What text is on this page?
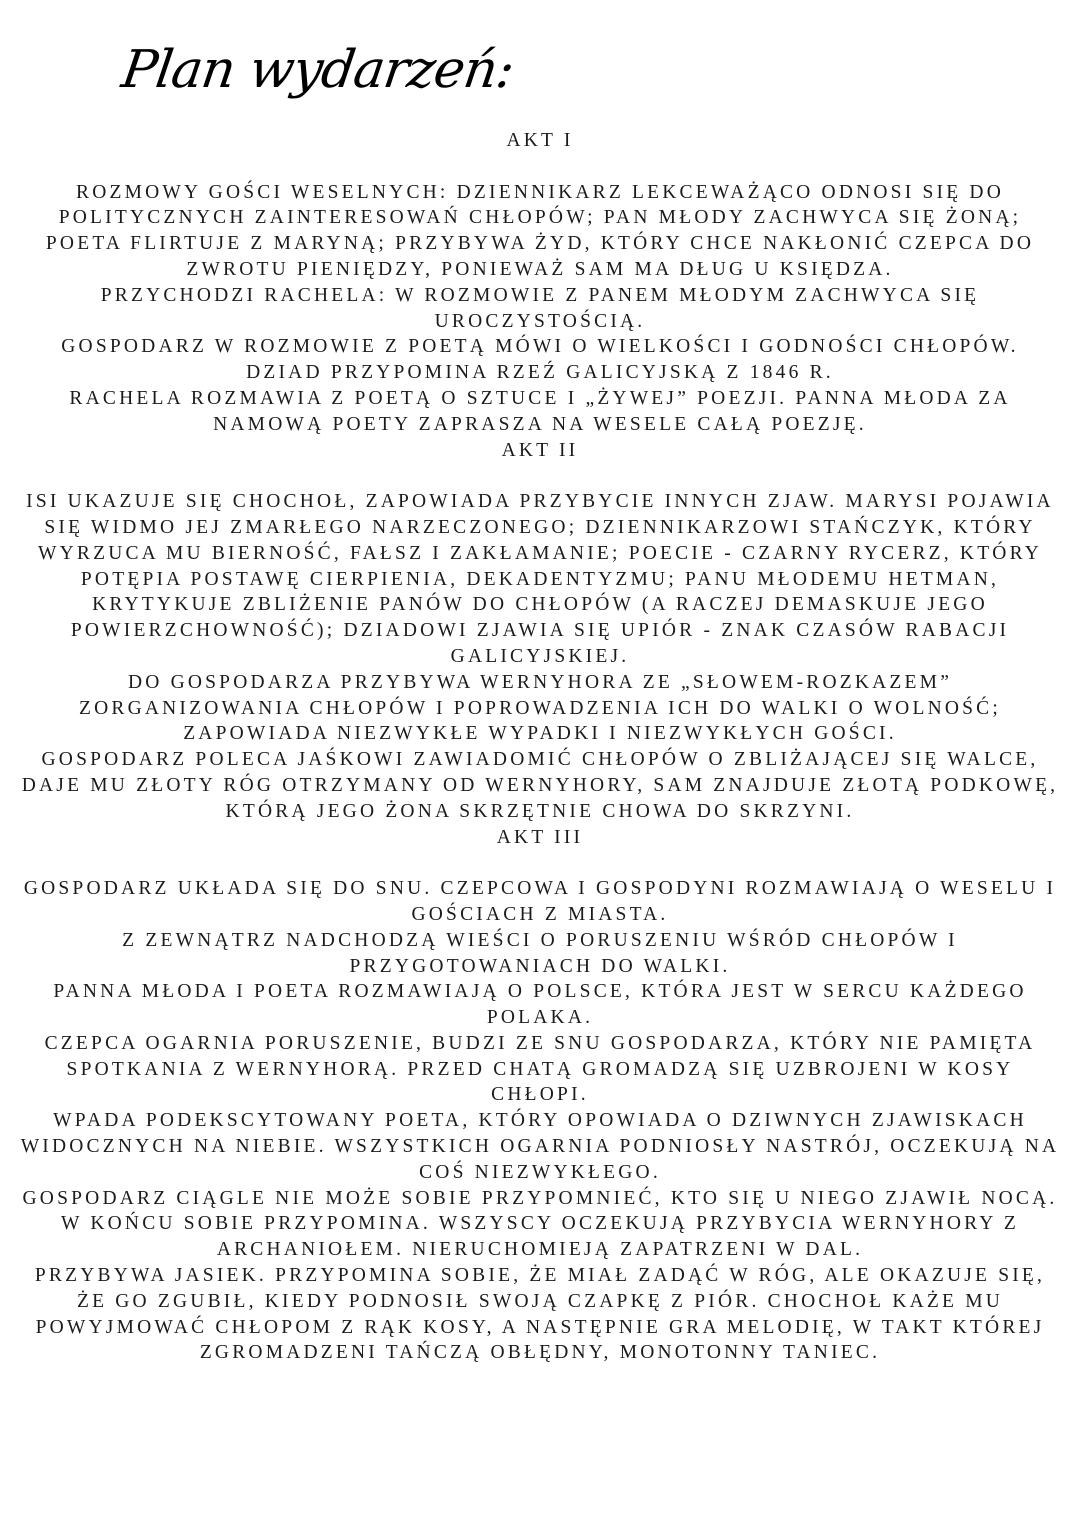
Plan wydarzeń:
AKT I

ROZMOWY GOŚCI WESELNYCH: DZIENNIKARZ LEKCEWAŻĄCO ODNOSI SIĘ DO POLITYCZNYCH ZAINTERESOWAŃ CHŁOPÓW; PAN MŁODY ZACHWYCA SIĘ ŻONĄ; POETA FLIRTUJE Z MARYNĄ; PRZYBYWA ŻYD, KTÓRY CHCE NAKŁONIĆ CZEPCA DO ZWROTU PIENIĘDZY, PONIEWAŻ SAM MA DŁUG U KSIĘDZA.

PRZYCHODZI RACHELA: W ROZMOWIE Z PANEM MŁODYM ZACHWYCA SIĘ UROCZYSTOŚCIĄ.

GOSPODARZ W ROZMOWIE Z POETĄ MÓWI O WIELKOŚCI I GODNOŚCI CHŁOPÓW.

DZIAD PRZYPOMINA RZEŹ GALICYJSKĄ Z 1846 R.

RACHELA ROZMAWIA Z POETĄ O SZTUCE I „ŻYWEJ” POEZJI. PANNA MŁODA ZA NAMOWĄ POETY ZAPRASZA NA WESELE CAŁĄ POEZJĘ.

AKT II

ISI UKAZUJE SIĘ CHOCHOŁ, ZAPOWIADA PRZYBYCIE INNYCH ZJAW. MARYSI POJAWIA SIĘ WIDMO JEJ ZMARŁEGO NARZECZONEGO; DZIENNIKARZOWI STAŃCZYK, KTÓRY WYRZUCA MU BIERNOŚĆ, FAŁSZ I ZAKŁAMANIE; POECIE - CZARNY RYCERZ, KTÓRY POTĘPIA POSTAWĘ CIERPIENIA, DEKADENTYZMU; PANU MŁODEMU HETMAN, KRYTYKUJE ZBLIŻENIE PANÓW DO CHŁOPÓW (A RACZEJ DEMASKUJE JEGO POWIERZCHOWNOŚĆ); DZIADOWI ZJAWIA SIĘ UPIÓR - ZNAK CZASÓW RABACJI GALICYJSKIEJ.

DO GOSPODARZA PRZYBYWA WERNYHORA ZE „SŁOWEM-ROZKAZEM” ZORGANIZOWANIA CHŁOPÓW I POPROWADZENIA ICH DO WALKI O WOLNOŚĆ; ZAPOWIADA NIEZWYKŁE WYPADKI I NIEZWYKŁYCH GOŚCI.

GOSPODARZ POLECA JAŚKOWI ZAWIADOMIĆ CHŁOPÓW O ZBLIŻAJĄCEJ SIĘ WALCE, DAJE MU ZŁOTY RÓG OTRZYMANY OD WERNYHORY, SAM ZNAJDUJE ZŁOTĄ PODKOWĘ, KTÓRĄ JEGO ŻONA SKRZĘTNIE CHOWA DO SKRZYNI.

AKT III

GOSPODARZ UKŁADA SIĘ DO SNU. CZEPCOWA I GOSPODYNI ROZMAWIAJĄ O WESELU I GOŚCIACH Z MIASTA.

Z ZEWNĄTRZ NADCHODZĄ WIEŚCI O PORUSZENIU WŚRÓD CHŁOPÓW I PRZYGOTOWANIACH DO WALKI.

PANNA MŁODA I POETA ROZMAWIAJĄ O POLSCE, KTÓRA JEST W SERCU KAŻDEGO POLAKA.

CZEPCA OGARNIA PORUSZENIE, BUDZI ZE SNU GOSPODARZA, KTÓRY NIE PAMIĘTA SPOTKANIA Z WERNYHORĄ. PRZED CHATĄ GROMADZĄ SIĘ UZBROJENI W KOSY CHŁOPI.

WPADA PODEKSCYTOWANY POETA, KTÓRY OPOWIADA O DZIWNYCH ZJAWISKACH WIDOCZNYCH NA NIEBIE. WSZYSTKICH OGARNIA PODNIOSŁY NASTRÓJ, OCZEKUJĄ NA COŚ NIEZWYKŁEGO.

GOSPODARZ CIĄGLE NIE MOŻE SOBIE PRZYPOMNIEĆ, KTO SIĘ U NIEGO ZJAWIŁ NOCĄ. W KOŃCU SOBIE PRZYPOMINA. WSZYSCY OCZEKUJĄ PRZYBYCIA WERNYHORY Z ARCHANIOŁEM. NIERUCHOMIEJĄ ZAPATRZENI W DAL.

PRZYBYWA JASIEK. PRZYPOMINA SOBIE, ŻE MIAŁ ZADĄĆ W RÓG, ALE OKAZUJE SIĘ, ŻE GO ZGUBIŁ, KIEDY PODNOSIŁ SWOJĄ CZAPKĘ Z PIÓR. CHOCHOŁ KAŻE MU POWYJMOWAĆ CHŁOPOM Z RĄK KOSY, A NASTĘPNIE GRA MELODIĘ, W TAKT KTÓREJ ZGROMADZENI TAŃCZĄ OBŁĘDNY, MONOTONNY TANIEC.
